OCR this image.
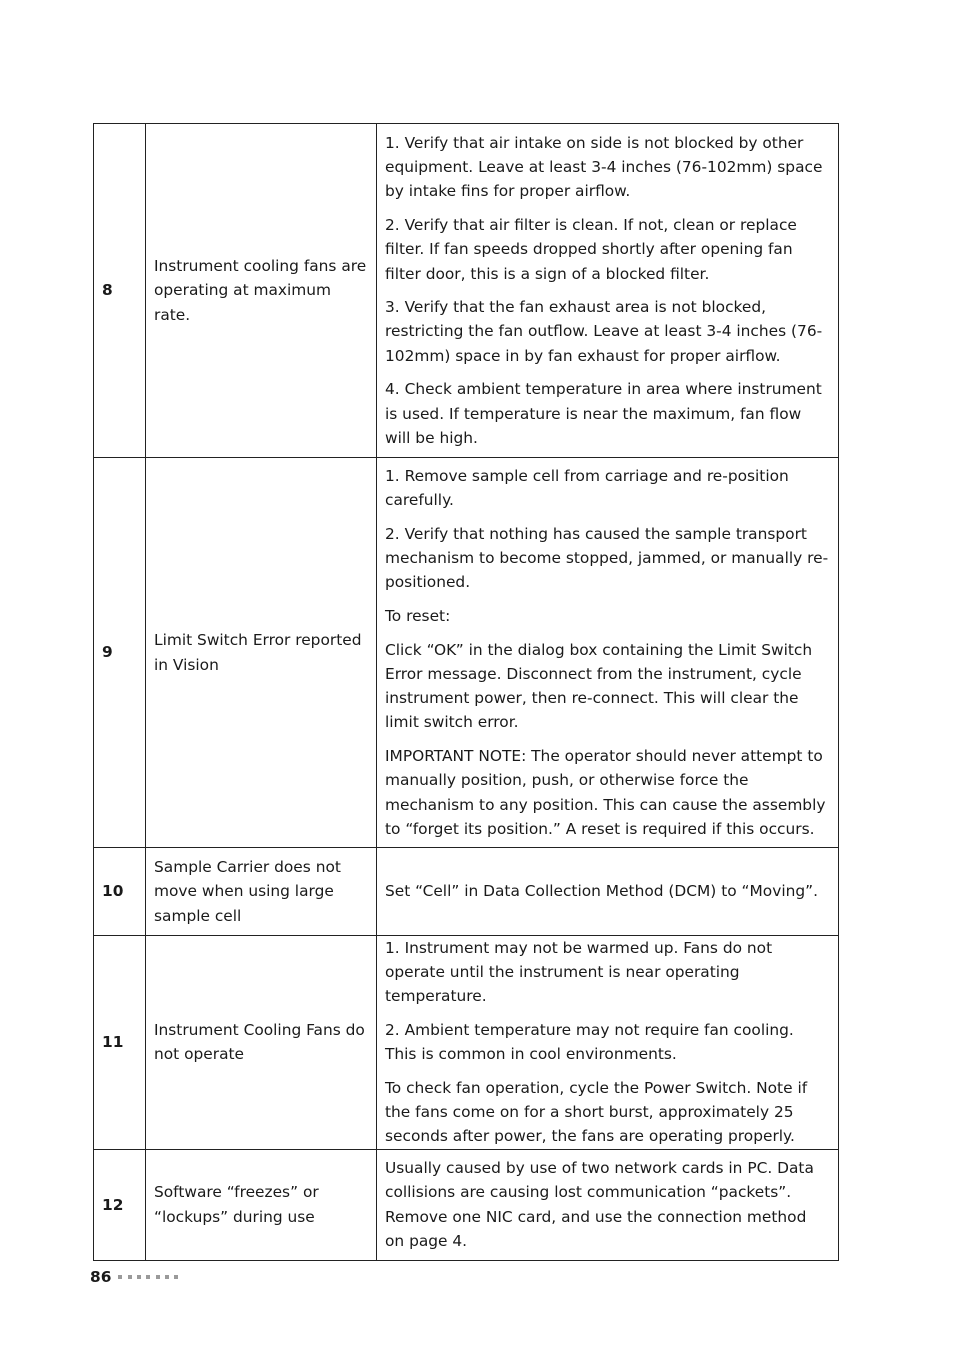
8	Instrument cooling fans are operating at maximum rate.	1. Verify that air intake on side is not blocked by other equipment. Leave at least 3-4 inches (76-102mm) space by intake fins for proper airflow.

2. Verify that air filter is clean. If not, clean or replace filter. If fan speeds dropped shortly after opening fan filter door, this is a sign of a blocked filter.

3. Verify that the fan exhaust area is not blocked, restricting the fan outflow. Leave at least 3-4 inches (76-102mm) space in by fan exhaust for proper airflow.

4. Check ambient temperature in area where instrument is used. If temperature is near the maximum, fan flow will be high.

9	Limit Switch Error reported in Vision	1. Remove sample cell from carriage and re-position carefully.

2. Verify that nothing has caused the sample transport mechanism to become stopped, jammed, or manually re-positioned.

To reset:

Click “OK” in the dialog box containing the Limit Switch Error message. Disconnect from the instrument, cycle instrument power, then re-connect. This will clear the limit switch error.

IMPORTANT NOTE: The operator should never attempt to manually position, push, or otherwise force the mechanism to any position. This can cause the assembly to “forget its position.” A reset is required if this occurs.

10	Sample Carrier does not move when using large sample cell	Set “Cell” in Data Collection Method (DCM) to “Moving”.

11	Instrument Cooling Fans do not operate	1. Instrument may not be warmed up. Fans do not operate until the instrument is near operating temperature.

2. Ambient temperature may not require fan cooling. This is common in cool environments.

To check fan operation, cycle the Power Switch. Note if the fans come on for a short burst, approximately 25 seconds after power, the fans are operating properly.

12	Software “freezes” or “lockups” during use	Usually caused by use of two network cards in PC. Data collisions are causing lost communication “packets”. Remove one NIC card, and use the connection method on page 4.

86
